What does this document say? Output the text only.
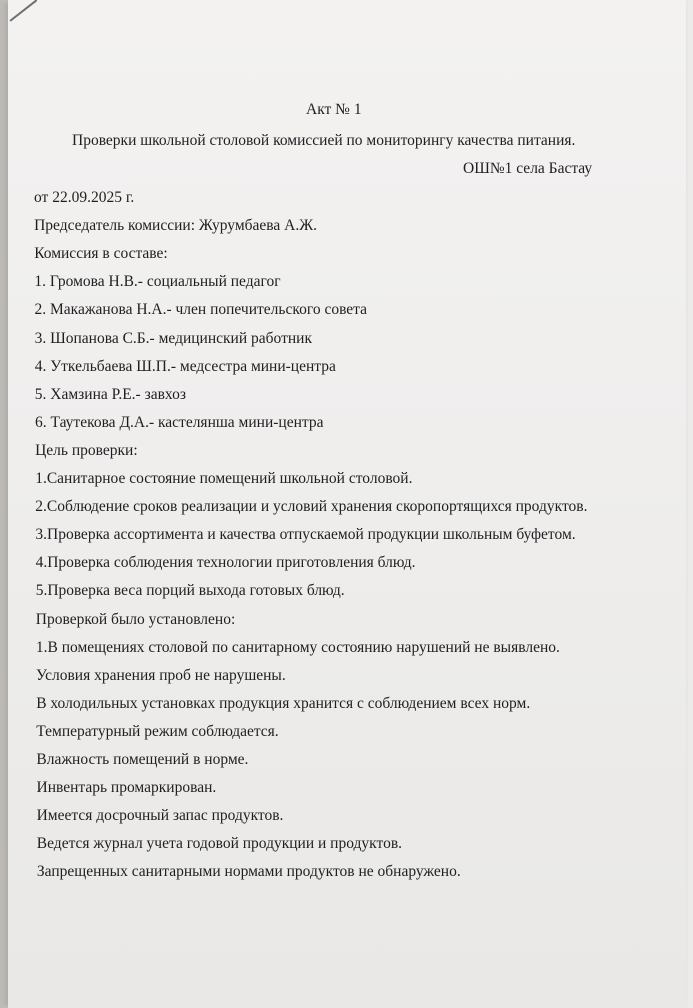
Акт № 1
Проверки школьной столовой комиссией по мониторингу качества питания.
ОШ№1 села Бастау
от 22.09.2025 г.
Председатель комиссии: Журумбаева А.Ж.
Комиссия в составе:
1. Громова Н.В.- социальный педагог
2. Макажанова Н.А.- член попечительского совета
3. Шопанова С.Б.- медицинский работник
4. Уткельбаева Ш.П.- медсестра мини-центра
5. Хамзина Р.Е.- завхоз
6. Таутекова Д.А.- кастелянша мини-центра
Цель проверки:
1.Санитарное состояние помещений школьной столовой.
2.Соблюдение сроков реализации и условий хранения скоропортящихся продуктов.
3.Проверка ассортимента и качества отпускаемой продукции школьным буфетом.
4.Проверка соблюдения технологии приготовления блюд.
5.Проверка веса порций выхода готовых блюд.
Проверкой было установлено:
1.В помещениях столовой по санитарному состоянию нарушений не выявлено.
Условия хранения проб не нарушены.
В холодильных установках продукция хранится с соблюдением всех норм.
Температурный режим соблюдается.
Влажность помещений в норме.
Инвентарь промаркирован.
Имеется досрочный запас продуктов.
Ведется журнал учета годовой продукции и продуктов.
Запрещенных санитарными нормами продуктов не обнаружено.
